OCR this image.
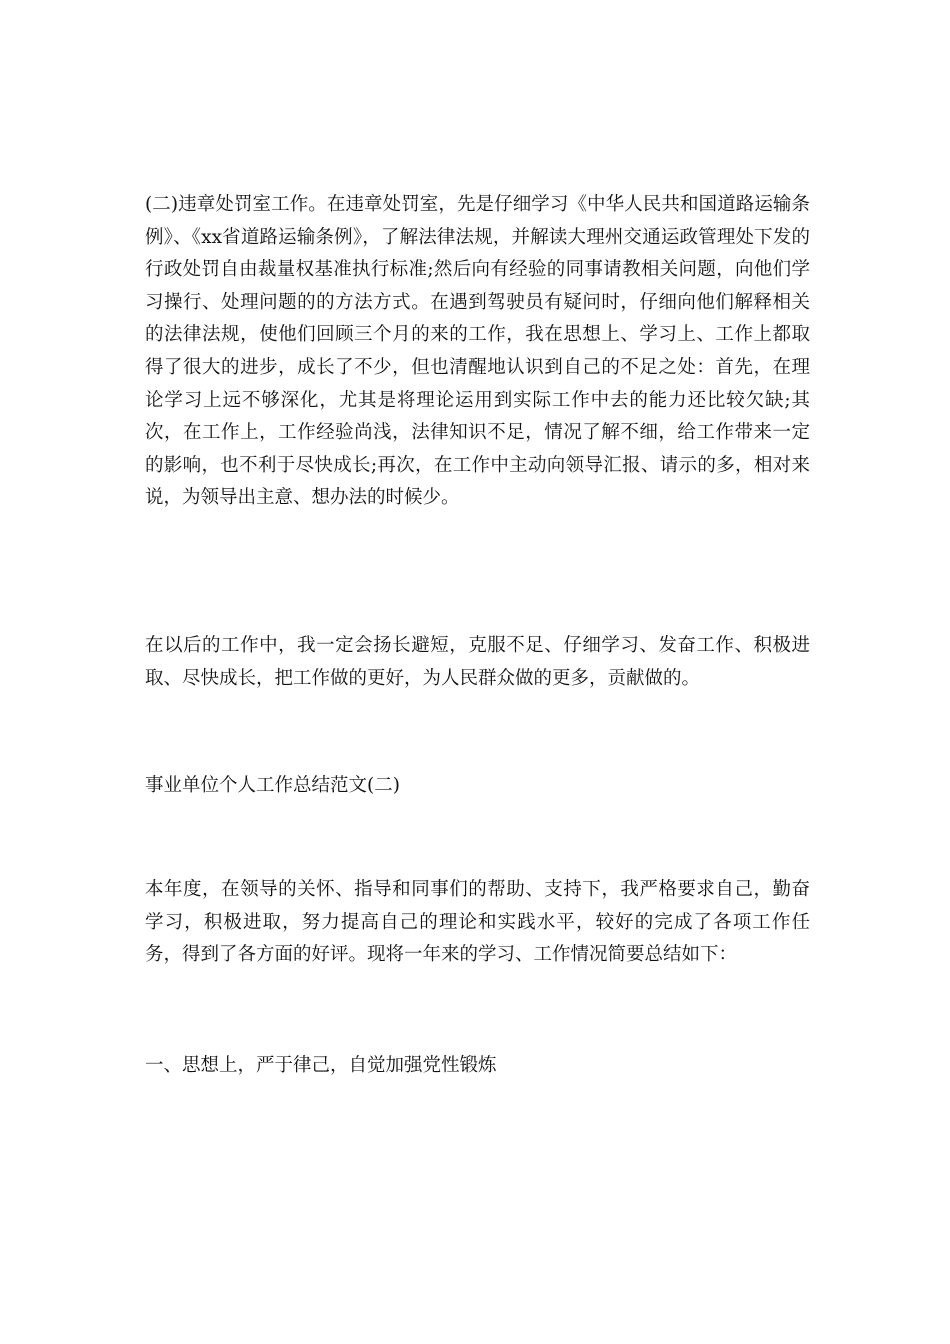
(二)违章处罚室工作。在违章处罚室，先是仔细学习《中华人民共和国道路运输条例》、《xx省道路运输条例》，了解法律法规，并解读大理州交通运政管理处下发的行政处罚自由裁量权基准执行标准;然后向有经验的同事请教相关问题，向他们学习操行、处理问题的的方法方式。在遇到驾驶员有疑问时，仔细向他们解释相关的法律法规，使他们回顾三个月的来的工作，我在思想上、学习上、工作上都取得了很大的进步，成长了不少，但也清醒地认识到自己的不足之处：首先，在理论学习上远不够深化，尤其是将理论运用到实际工作中去的能力还比较欠缺;其次，在工作上，工作经验尚浅，法律知识不足，情况了解不细，给工作带来一定的影响，也不利于尽快成长;再次，在工作中主动向领导汇报、请示的多，相对来说，为领导出主意、想办法的时候少。

在以后的工作中，我一定会扬长避短，克服不足、仔细学习、发奋工作、积极进取、尽快成长，把工作做的更好，为人民群众做的更多，贡献做的。

事业单位个人工作总结范文(二)

本年度，在领导的关怀、指导和同事们的帮助、支持下，我严格要求自己，勤奋学习，积极进取，努力提高自己的理论和实践水平，较好的完成了各项工作任务，得到了各方面的好评。现将一年来的学习、工作情况简要总结如下：

一、思想上，严于律己，自觉加强党性锻炼
